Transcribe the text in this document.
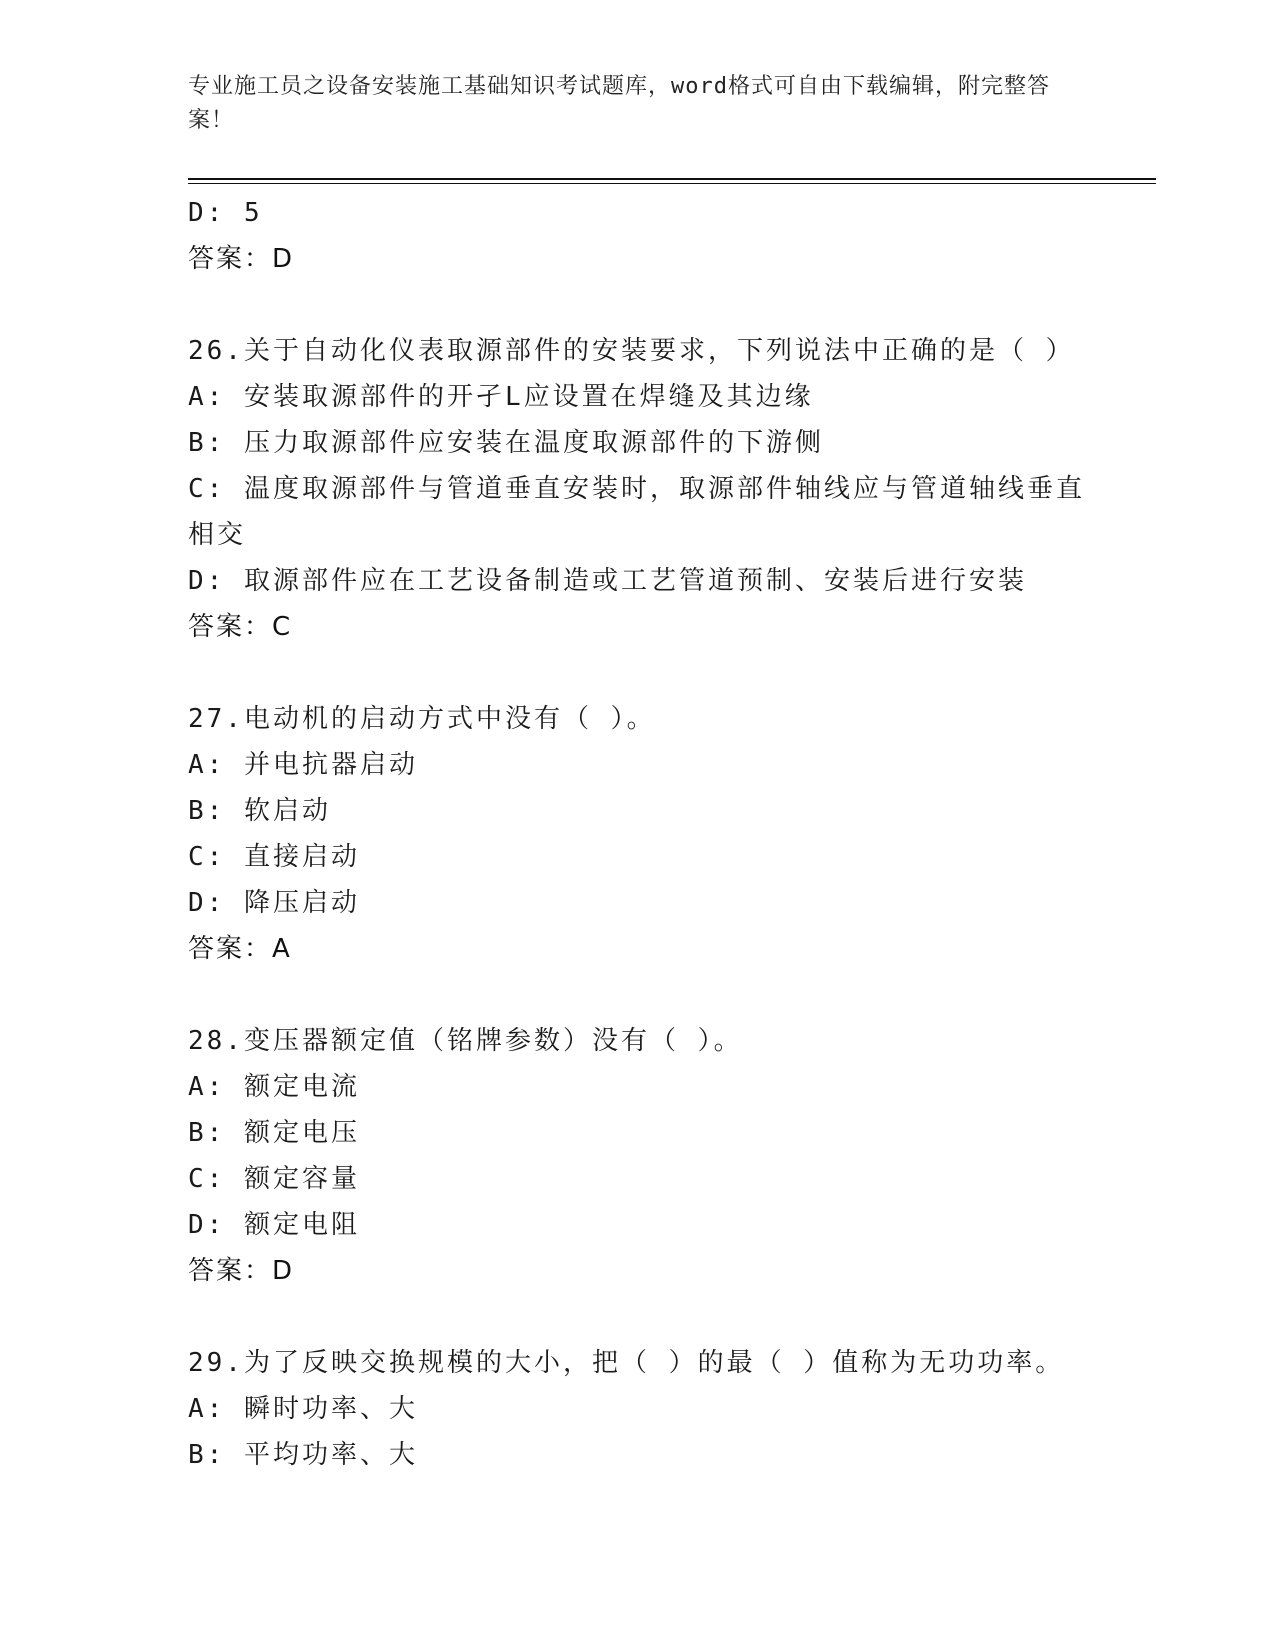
专业施工员之设备安装施工基础知识考试题库，word格式可自由下载编辑，附完整答案！
D: 5
答案：D
26.关于自动化仪表取源部件的安装要求，下列说法中正确的是（ ）
A: 安装取源部件的开孑L应设置在焊缝及其边缘
B: 压力取源部件应安装在温度取源部件的下游侧
C: 温度取源部件与管道垂直安装时，取源部件轴线应与管道轴线垂直相交
D: 取源部件应在工艺设备制造或工艺管道预制、安装后进行安装
答案：C
27.电动机的启动方式中没有（ ）。
A: 并电抗器启动
B: 软启动
C: 直接启动
D: 降压启动
答案：A
28.变压器额定值（铭牌参数）没有（ ）。
A: 额定电流
B: 额定电压
C: 额定容量
D: 额定电阻
答案：D
29.为了反映交换规模的大小，把（ ）的最（ ）值称为无功功率。
A: 瞬时功率、大
B: 平均功率、大
